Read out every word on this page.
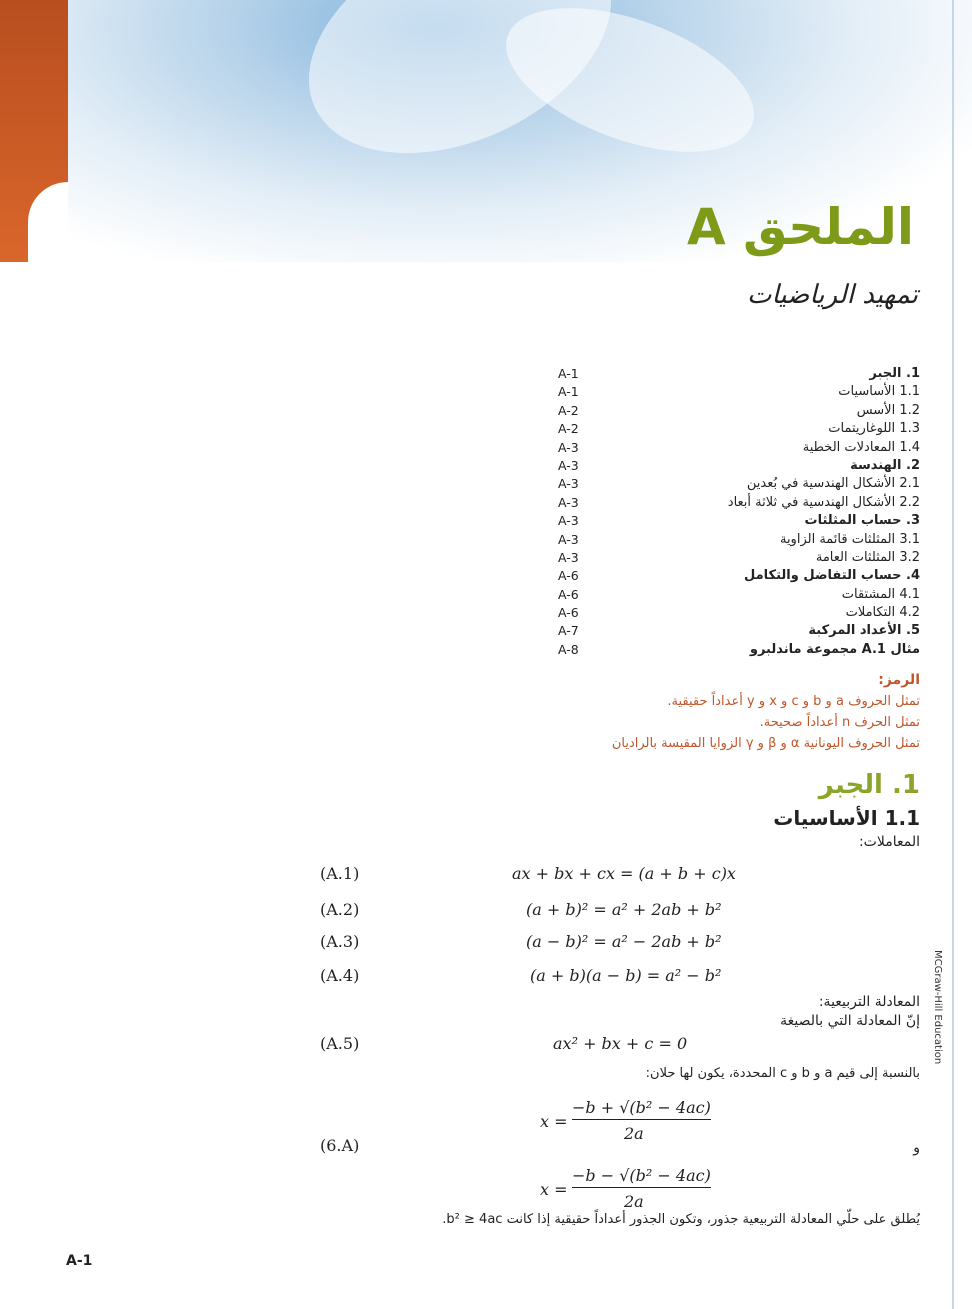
الملحق A
تمهيد الرياضيات
A-1	1. الجبر
A-1	1.1 الأساسيات
A-2	1.2 الأسس
A-2	1.3 اللوغاريتمات
A-3	1.4 المعادلات الخطية
A-3	2. الهندسة
A-3	2.1 الأشكال الهندسية في بُعدين
A-3	2.2 الأشكال الهندسية في ثلاثة أبعاد
A-3	3. حساب المثلثات
A-3	3.1 المثلثات قائمة الزاوية
A-3	3.2 المثلثات العامة
A-6	4. حساب التفاضل والتكامل
A-6	4.1 المشتقات
A-6	4.2 التكاملات
A-7	5. الأعداد المركبة
A-8	مثال A.1 مجموعة ماندلبرو
الرمز:
تمثل الحروف a و b و c و x و y أعداداً حقيقية.
تمثل الحرف n أعداداً صحيحة.
تمثل الحروف اليونانية α و β و γ الزوايا المقيسة بالراديان
1. الجبر
1.1 الأساسيات
المعاملات:
(A.1)	ax + bx + cx = (a + b + c)x
(A.2)	(a + b)² = a² + 2ab + b²
(A.3)	(a − b)² = a² − 2ab + b²
(A.4)	(a + b)(a − b) = a² − b²
المعادلة التربيعية:
إنّ المعادلة التي بالصيغة
(A.5)	ax² + bx + c = 0
بالنسبة إلى قيم a و b و c المحددة، يكون لها حلان:
$x = \frac{\text{−b + √(b² − 4ac)}}{2a}$
(6.A)	و
$x = \frac{\text{−b − √(b² − 4ac)}}{2a}$
يُطلق على حلّي المعادلة التربيعية جذور، وتكون الجذور أعداداً حقيقية إذا كانت b² ≥ 4ac.
MCGraw-Hill Education
A-1
